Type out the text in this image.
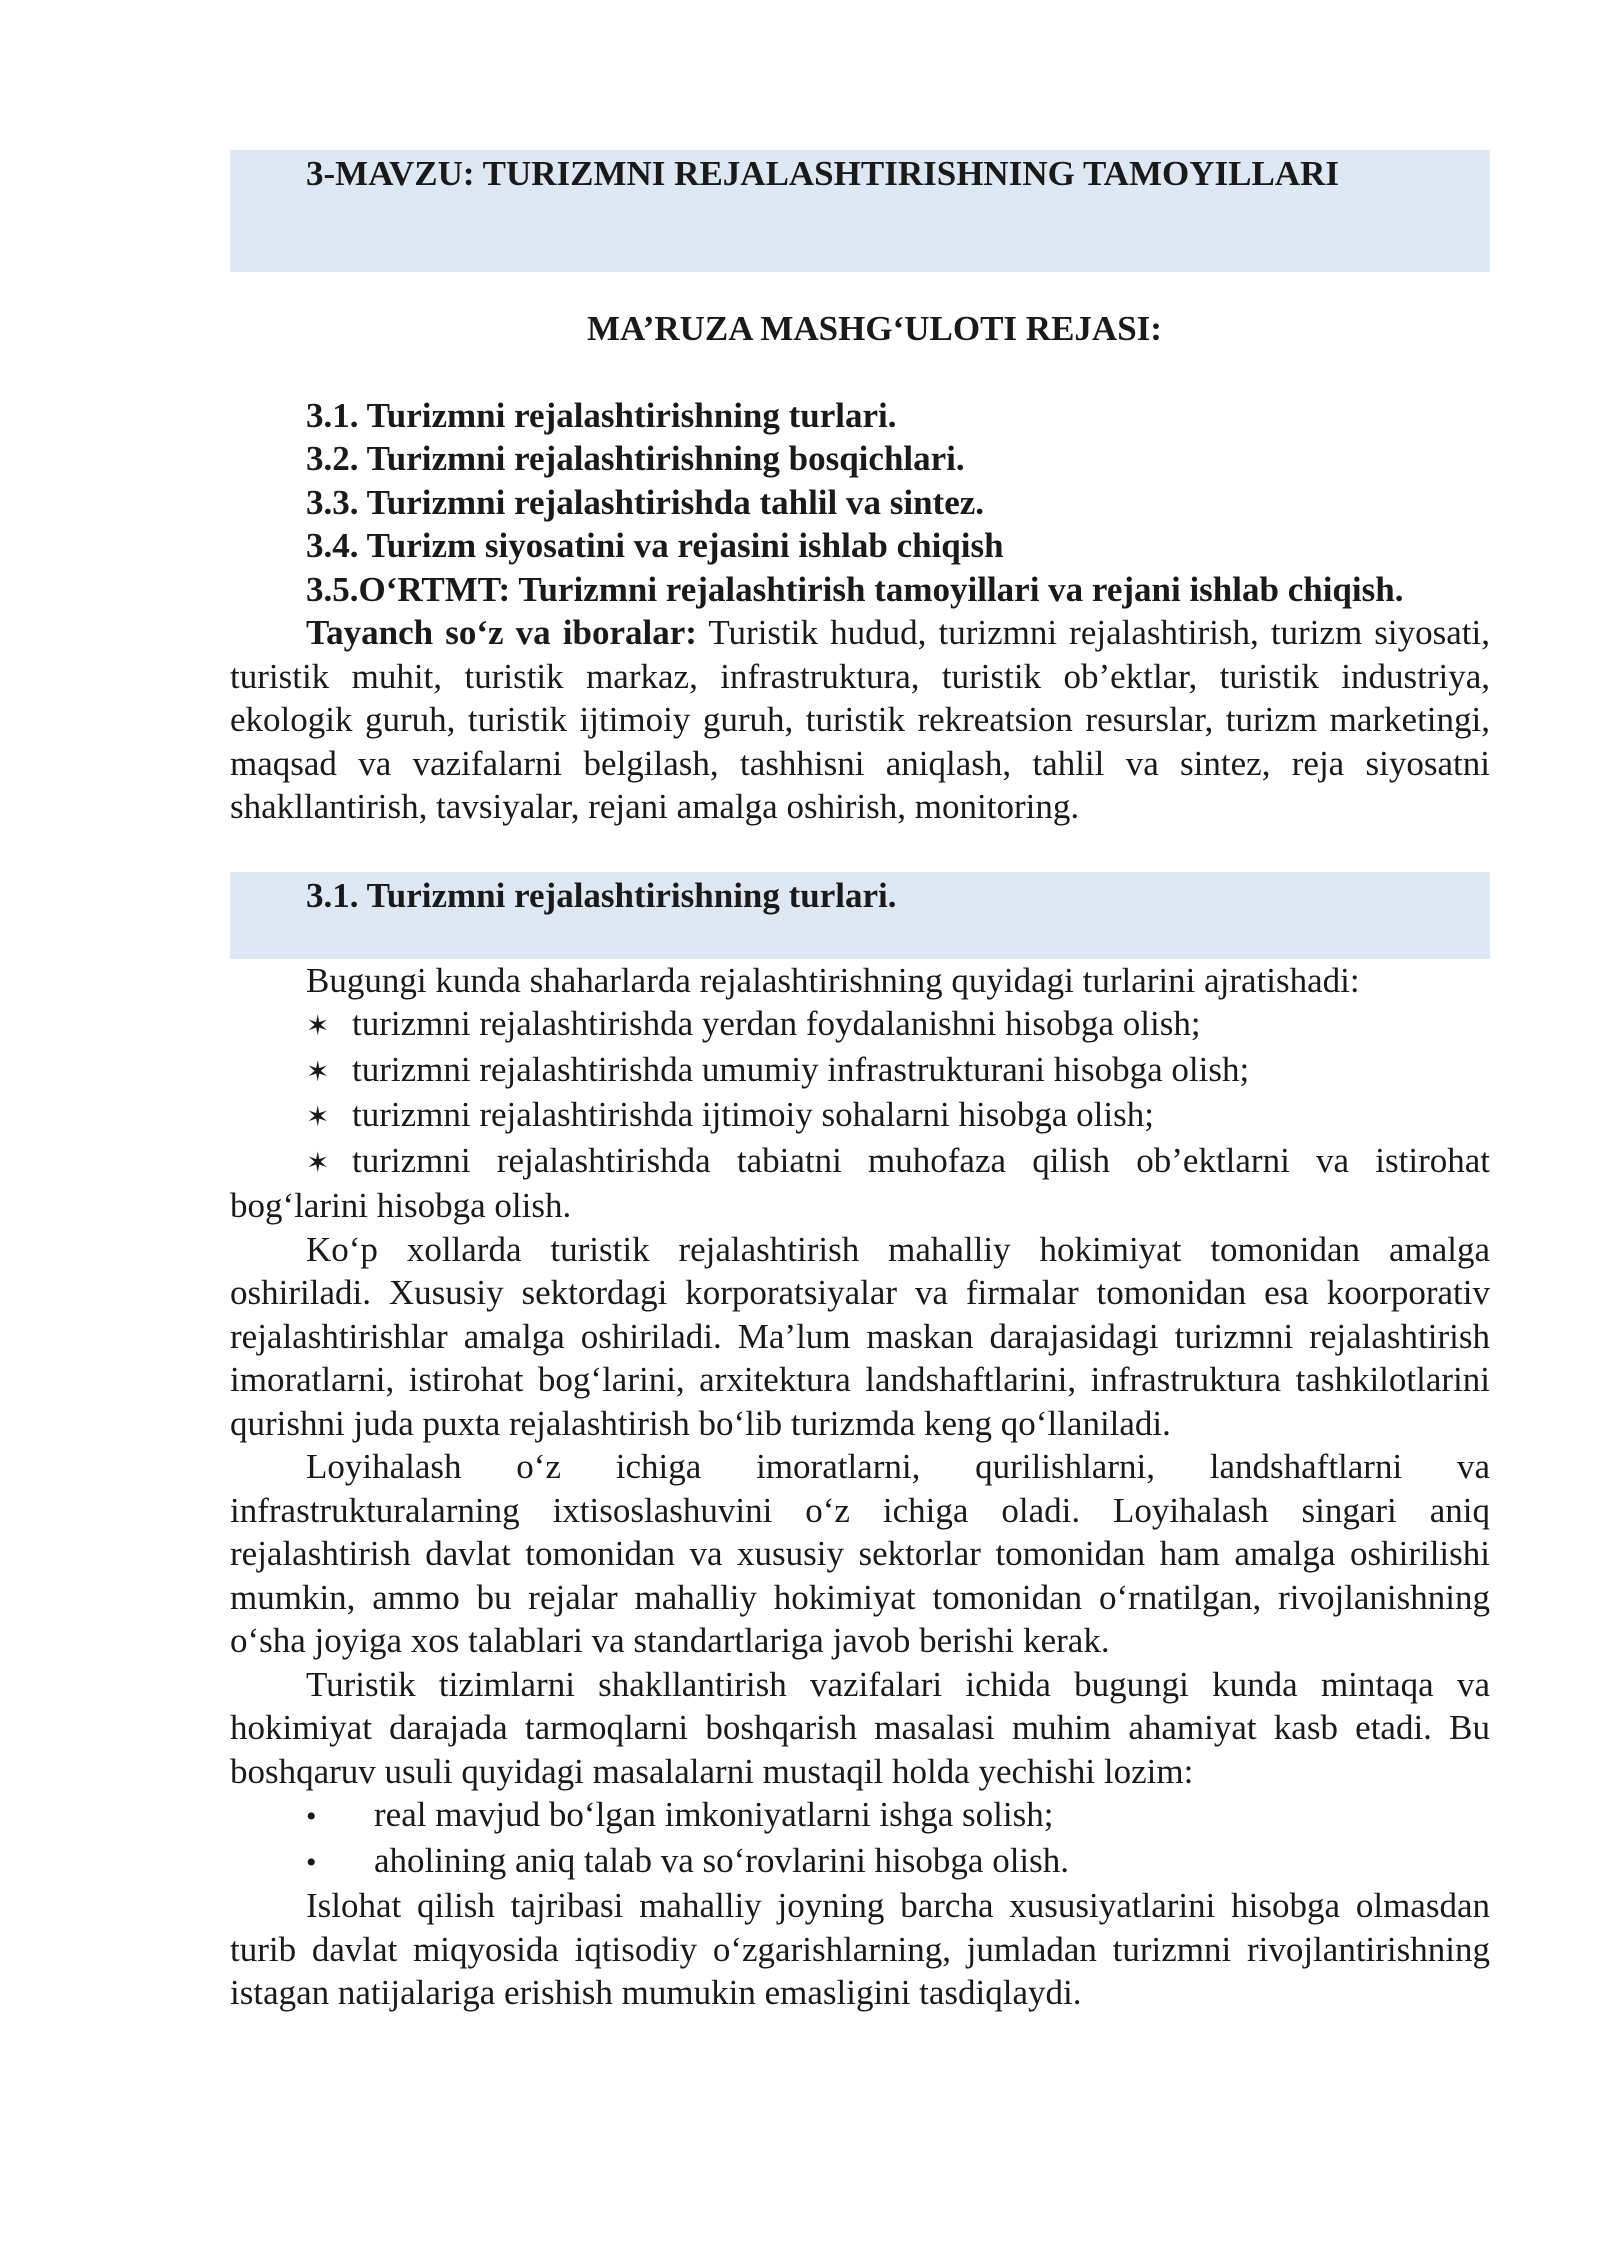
3-MAVZU: TURIZMNI REJALASHTIRISHNING TAMOYILLARI
MA’RUZA MASHG‘ULOTI REJASI:
3.1. Turizmni rejalashtirishning turlari.
3.2. Turizmni rejalashtirishning bosqichlari.
3.3. Turizmni rejalashtirishda tahlil va sintez.
3.4. Turizm siyosatini va rejasini ishlab chiqish
3.5.O‘RTMT: Turizmni rejalashtirish tamoyillari va rejani ishlab chiqish.
Tayanch so‘z va iboralar: Turistik hudud, turizmni rejalashtirish, turizm siyosati, turistik muhit, turistik markaz, infrastruktura, turistik ob’ektlar, turistik industriya, ekologik guruh, turistik ijtimoiy guruh, turistik rekreatsion resurslar, turizm marketingi, maqsad va vazifalarni belgilash, tashhisni aniqlash, tahlil va sintez, reja siyosatni shakllantirish, tavsiyalar, rejani amalga oshirish, monitoring.
3.1. Turizmni rejalashtirishning turlari.
Bugungi kunda shaharlarda rejalashtirishning quyidagi turlarini ajratishadi:
✶ turizmni rejalashtirishda yerdan foydalanishni hisobga olish;
✶ turizmni rejalashtirishda umumiy infrastrukturani hisobga olish;
✶ turizmni rejalashtirishda ijtimoiy sohalarni hisobga olish;
✶ turizmni rejalashtirishda tabiatni muhofaza qilish ob’ektlarni va istirohat bog‘larini hisobga olish.
Ko‘p xollarda turistik rejalashtirish mahalliy hokimiyat tomonidan amalga oshiriladi. Xususiy sektordagi korporatsiyalar va firmalar tomonidan esa koorporativ rejalashtirishlar amalga oshiriladi. Ma’lum maskan darajasidagi turizmni rejalashtirish imoratlarni, istirohat bog‘larini, arxitektura landshaftlarini, infrastruktura tashkilotlarini qurishni juda puxta rejalashtirish bo‘lib turizmda keng qo‘llaniladi.
Loyihalash o‘z ichiga imoratlarni, qurilishlarni, landshaftlarni va infrastrukturalarning ixtisoslashuvini o‘z ichiga oladi. Loyihalash singari aniq rejalashtirish davlat tomonidan va xususiy sektorlar tomonidan ham amalga oshirilishi mumkin, ammo bu rejalar mahalliy hokimiyat tomonidan o‘rnatilgan, rivojlanishning o‘sha joyiga xos talablari va standartlariga javob berishi kerak.
Turistik tizimlarni shakllantirish vazifalari ichida bugungi kunda mintaqa va hokimiyat darajada tarmoqlarni boshqarish masalasi muhim ahamiyat kasb etadi. Bu boshqaruv usuli quyidagi masalalarni mustaqil holda yechishi lozim:
• real mavjud bo‘lgan imkoniyatlarni ishga solish;
• aholining aniq talab va so‘rovlarini hisobga olish.
Islohat qilish tajribasi mahalliy joyning barcha xususiyatlarini hisobga olmasdan turib davlat miqyosida iqtisodiy o‘zgarishlarning, jumladan turizmni rivojlantirishning istagan natijalariga erishish mumukin emasligini tasdiqlaydi.
